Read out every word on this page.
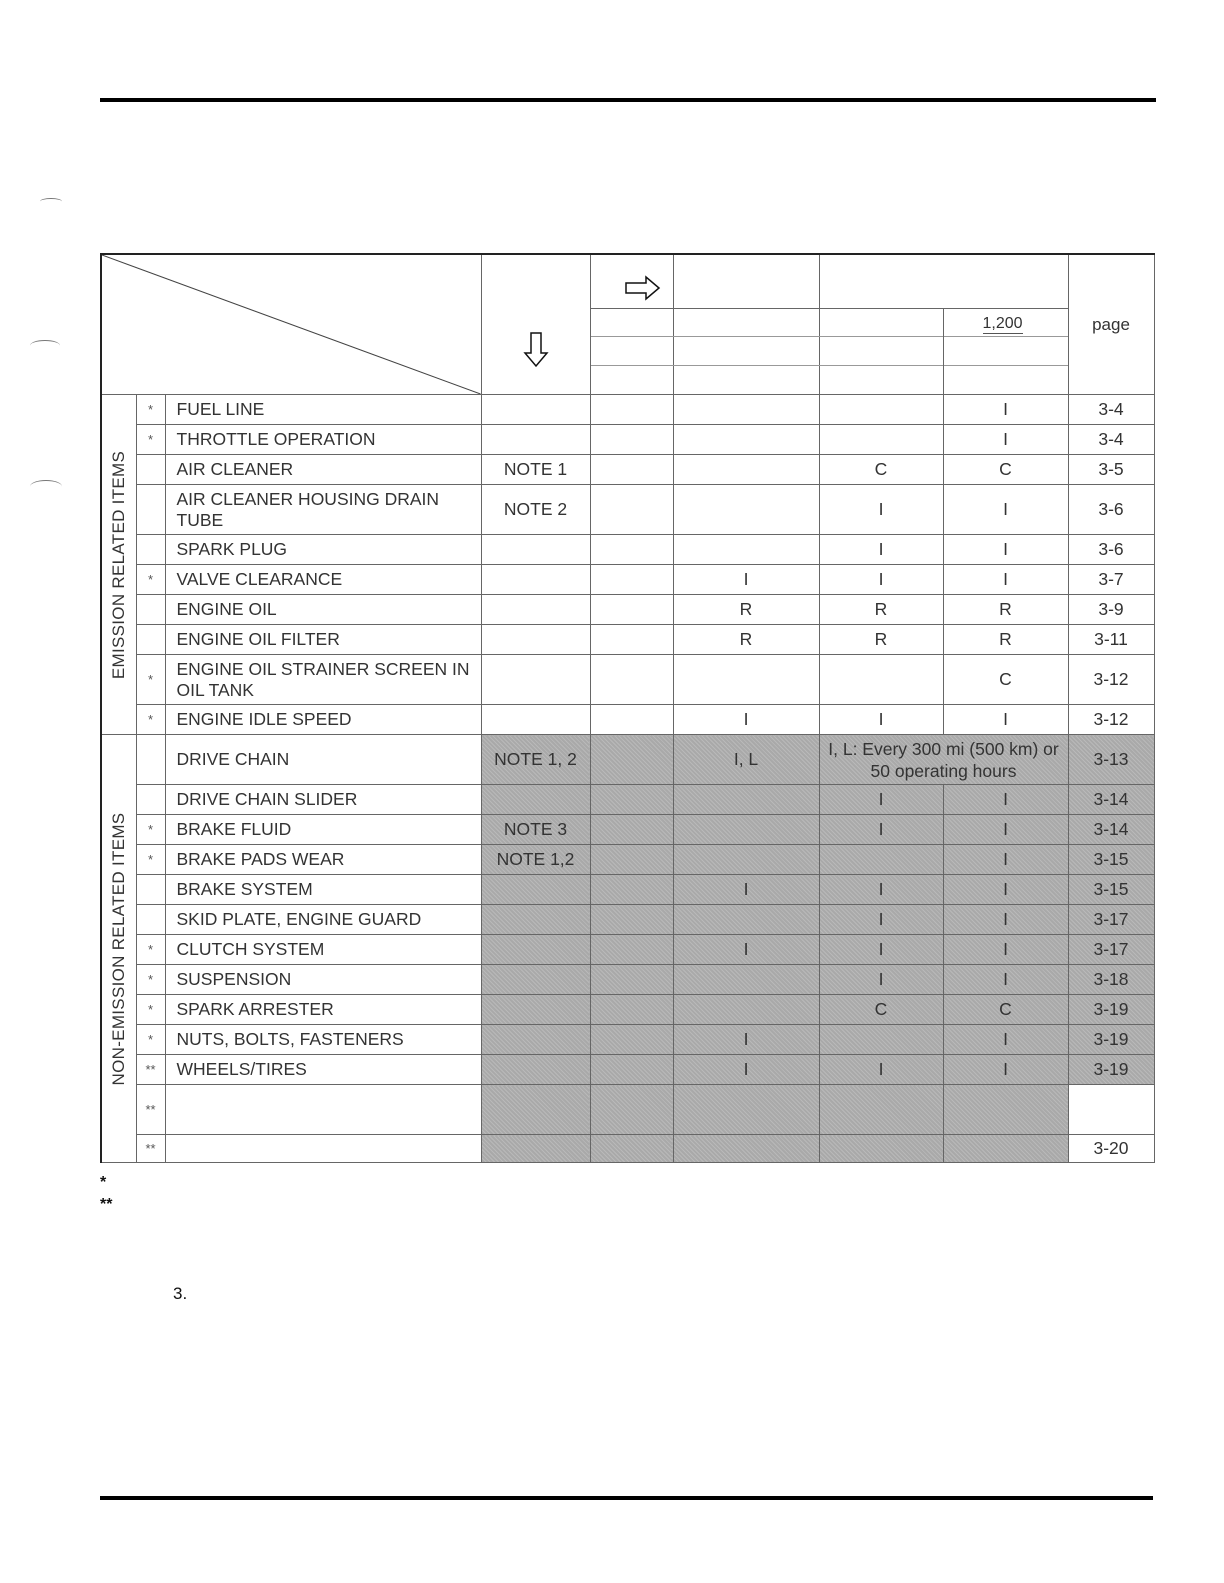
1,200				page

EMISSION RELATED ITEMS	*	FUEL LINE					I	3-4
	*	THROTTLE OPERATION					I	3-4
		AIR CLEANER	NOTE 1			C	C	3-5
		AIR CLEANER HOUSING DRAIN TUBE	NOTE 2			I	I	3-6
		SPARK PLUG				I	I	3-6
	*	VALVE CLEARANCE			I	I	I	3-7
		ENGINE OIL			R	R	R	3-9
		ENGINE OIL FILTER			R	R	R	3-11
	*	ENGINE OIL STRAINER SCREEN IN OIL TANK					C	3-12
	*	ENGINE IDLE SPEED			I	I	I	3-12

NON-EMISSION RELATED ITEMS		DRIVE CHAIN	NOTE 1, 2		I, L	I, L: Every 300 mi (500 km) or 50 operating hours		3-13
		DRIVE CHAIN SLIDER				I	I	3-14
	*	BRAKE FLUID	NOTE 3			I	I	3-14
	*	BRAKE PADS WEAR	NOTE 1,2				I	3-15
		BRAKE SYSTEM			I	I	I	3-15
		SKID PLATE, ENGINE GUARD				I	I	3-17
	*	CLUTCH SYSTEM			I	I	I	3-17
	*	SUSPENSION				I	I	3-18
	*	SPARK ARRESTER				C	C	3-19
	*	NUTS, BOLTS, FASTENERS			I		I	3-19
	**	WHEELS/TIRES			I	I	I	3-19
	**							
	**							3-20
*
**
3.
